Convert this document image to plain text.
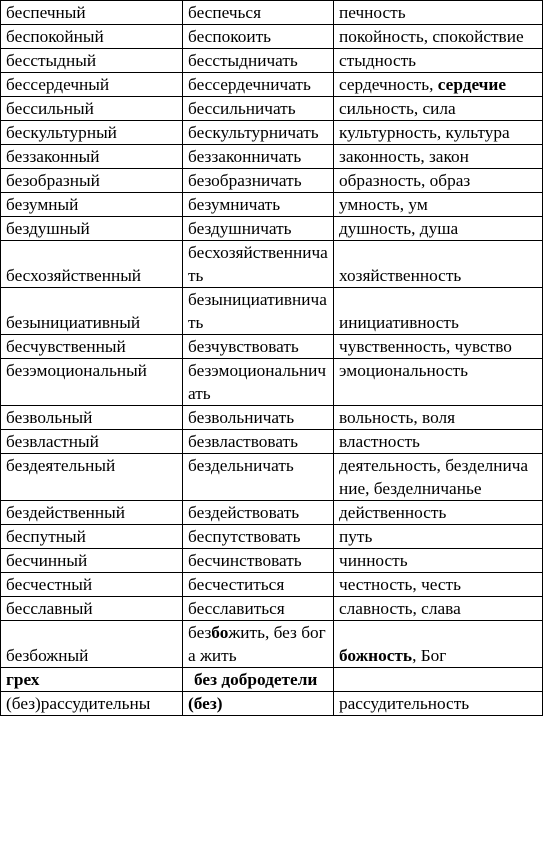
беспечный	беспечься	печность
беспокойный	беспокоить	покойность, спокойствие
бесстыдный	бесстыдничать	стыдность
бессердечный	бессердечничать	сердечность, сердечие
бессильный	бессильничать	сильность, сила
бескультурный	бескультурничать	культурность, культура
беззаконный	беззаконничать	законность, закон
безобразный	безобразничать	образность, образ
безумный	безумничать	умность, ум
бездушный	бездушничать	душность, душа
бесхозяйственный	бесхозяйственничать	хозяйственность
безынициативный	безынициативничать	инициативность
бесчувственный	безчувствовать	чувственность, чувство
безэмоциональный	безэмоциональничать	эмоциональность
безвольный	безвольничать	вольность, воля
безвластный	безвластвовать	властность
бездеятельный	бездельничать	деятельность, безделничание, безделничанье
бездейственный	бездействовать	действенность
беспутный	беспутствовать	путь
бесчинный	бесчинствовать	чинность
бесчестный	бесчеститься	честность, честь
бесславный	бесславиться	славность, слава
безбожный	безбожить, без бога жить	божность, Бог
грех	без добродетели	
(без)рассудительны	(без)	рассудительность
